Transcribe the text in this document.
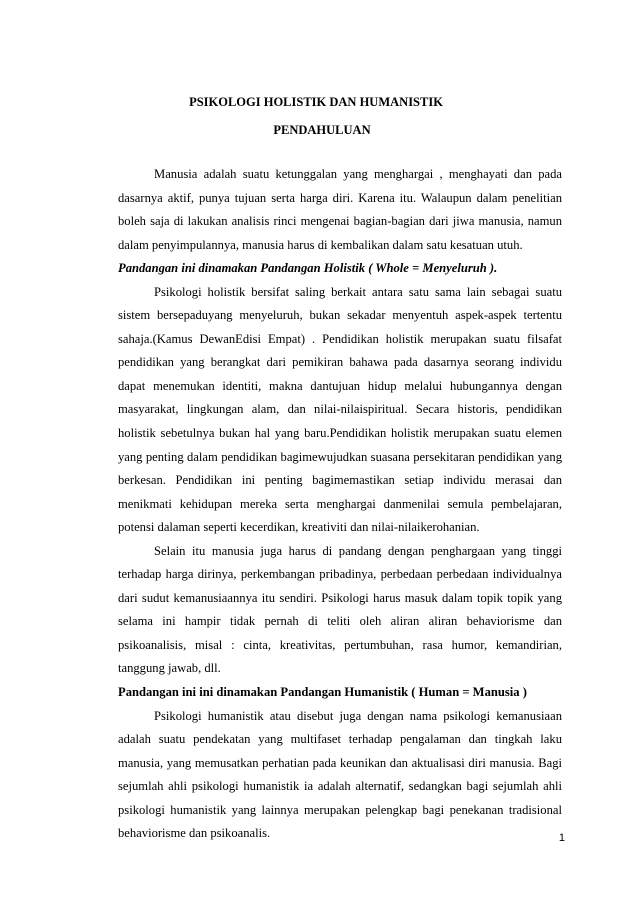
PSIKOLOGI HOLISTIK DAN HUMANISTIK
PENDAHULUAN

Manusia adalah suatu ketunggalan yang menghargai , menghayati dan pada dasarnya aktif, punya tujuan serta harga diri. Karena itu. Walaupun dalam penelitian boleh saja di lakukan analisis rinci mengenai bagian-bagian dari jiwa manusia, namun dalam penyimpulannya, manusia harus di kembalikan dalam satu kesatuan utuh.

Pandangan ini dinamakan Pandangan Holistik ( Whole = Menyeluruh ).

Psikologi holistik bersifat saling berkait antara satu sama lain sebagai suatu sistem bersepaduyang menyeluruh, bukan sekadar menyentuh aspek-aspek tertentu sahaja.(Kamus DewanEdisi Empat) . Pendidikan holistik merupakan suatu filsafat pendidikan yang berangkat dari pemikiran bahawa pada dasarnya seorang individu dapat menemukan identiti, makna dantujuan hidup melalui hubungannya dengan masyarakat, lingkungan alam, dan nilai-nilaispiritual. Secara historis, pendidikan holistik sebetulnya bukan hal yang baru.Pendidikan holistik merupakan suatu elemen yang penting dalam pendidikan bagimewujudkan suasana persekitaran pendidikan yang berkesan. Pendidikan ini penting bagimemastikan setiap individu merasai dan menikmati kehidupan mereka serta menghargai danmenilai semula pembelajaran, potensi dalaman seperti kecerdikan, kreativiti dan nilai-nilaikerohanian.

Selain itu manusia juga harus di pandang dengan penghargaan yang tinggi terhadap harga dirinya, perkembangan pribadinya, perbedaan perbedaan individualnya dari sudut kemanusiaannya itu sendiri. Psikologi harus masuk dalam topik topik yang selama ini hampir tidak pernah di teliti oleh aliran aliran behaviorisme dan psikoanalisis, misal : cinta, kreativitas, pertumbuhan, rasa humor, kemandirian, tanggung jawab, dll.

Pandangan ini ini dinamakan Pandangan Humanistik ( Human = Manusia )

Psikologi humanistik atau disebut juga dengan nama psikologi kemanusiaan adalah suatu pendekatan yang multifaset terhadap pengalaman dan tingkah laku manusia, yang memusatkan perhatian pada keunikan dan aktualisasi diri manusia. Bagi sejumlah ahli psikologi humanistik ia adalah alternatif, sedangkan bagi sejumlah ahli psikologi humanistik yang lainnya merupakan pelengkap bagi penekanan tradisional behaviorisme dan psikoanalis.	1
